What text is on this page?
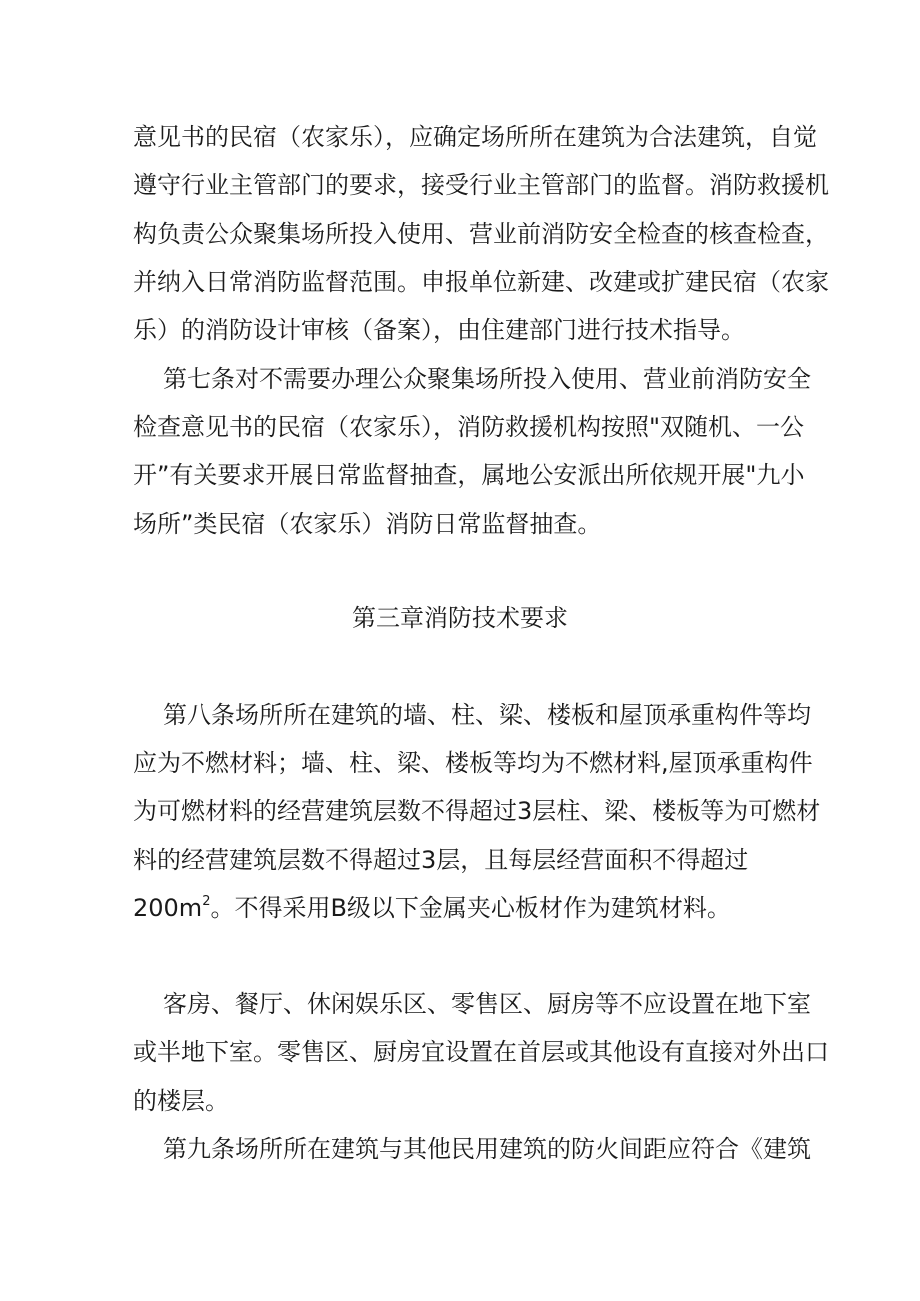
意见书的民宿（农家乐），应确定场所所在建筑为合法建筑，自觉
遵守行业主管部门的要求，接受行业主管部门的监督。消防救援机
构负责公众聚集场所投入使用、营业前消防安全检查的核查检查，
并纳入日常消防监督范围。申报单位新建、改建或扩建民宿（农家
乐）的消防设计审核（备案），由住建部门进行技术指导。
第七条对不需要办理公众聚集场所投入使用、营业前消防安全
检查意见书的民宿（农家乐），消防救援机构按照"双随机、一公
开”有关要求开展日常监督抽查，属地公安派出所依规开展"九小
场所”类民宿（农家乐）消防日常监督抽查。
第三章消防技术要求
第八条场所所在建筑的墙、柱、梁、楼板和屋顶承重构件等均
应为不燃材料；墙、柱、梁、楼板等均为不燃材料,屋顶承重构件
为可燃材料的经营建筑层数不得超过3层柱、梁、楼板等为可燃材
料的经营建筑层数不得超过3层，且每层经营面积不得超过
$200m^2$。不得采用B级以下金属夹心板材作为建筑材料。
客房、餐厅、休闲娱乐区、零售区、厨房等不应设置在地下室
或半地下室。零售区、厨房宜设置在首层或其他设有直接对外出口
的楼层。
第九条场所所在建筑与其他民用建筑的防火间距应符合《建筑
